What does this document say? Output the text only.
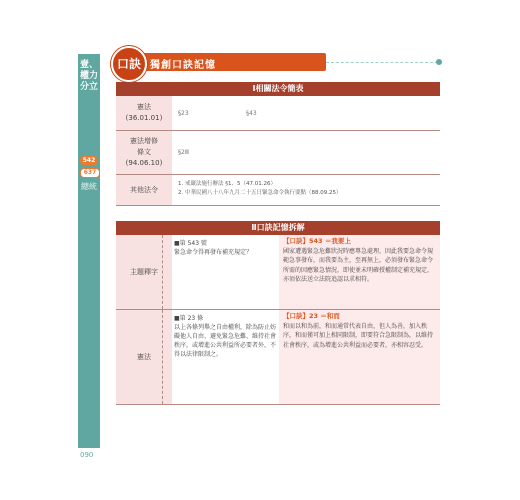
壹、權力分立
總統
542
637
090
口訣 獨創口訣記憶
Ⅰ相關法令簡表
憲法
(36.01.01)
§23	§43
憲法增修
條文
(94.06.10)
§2Ⅲ
其他法令
1. 戒嚴法施行辦法 §1、5（47.01.26）
2. 中華民國八十八年九月二十五日緊急命令執行要點（88.09.25）
Ⅱ口訣記憶拆解
主題釋字
■第 543 號
緊急命令得再發布補充規定？
【口訣】543 ＝我要上
國家遭遇緊急危難狀況時應專急處理，因此我要急命令規範急事發布，而我要為主，至再無上，必須發布緊急命令所需的因應緊急情況，即使並未明確授權制定補充規定，亦須依法送立法院追認以求相符。
憲法
■第 23 條
以上各條列舉之自由權利，除為防止妨礙他人自由、避免緊急危難、維持社會秩序，或增進公共利益所必要者外，不得以法律限制之。
【口訣】23 ＝和而
和而以和為前，和而通常代表自由，但人為善，加入秩序，和而僅可加上相同限制，即要符合急限制為，以維持社會秩序，或為增進公共利益而必要者，亦相容忍受。
